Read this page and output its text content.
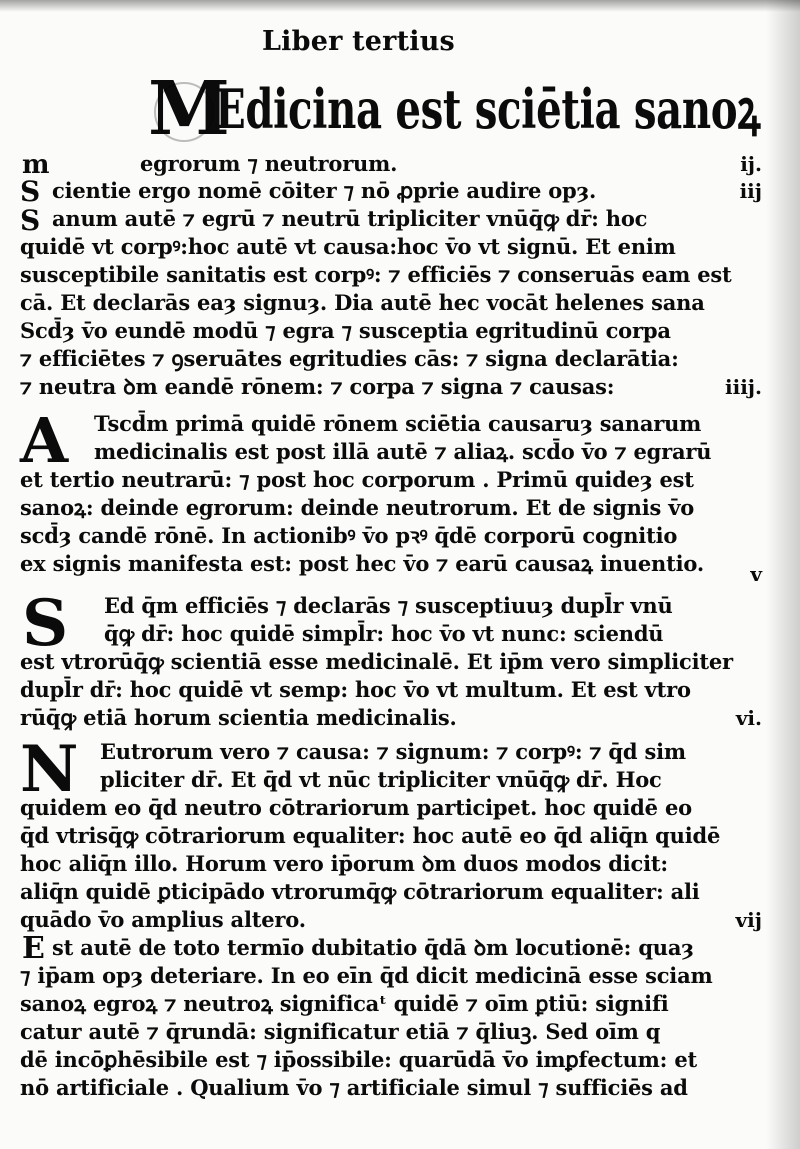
Liber tertius
M
Edicina est sciētia sanoꝝ
m
S
S
A
S
N
E
egrorum ⁊ neutrorum.
cientie ergo nomē cōiter ⁊ nō ꝓprie audire opȝ.
anum autē ⁊ egrū ⁊ neutrū tripliciter vnūq̄ꝙ dr̄: hoc
quidē vt corpꝰ:hoc autē vt causa:hoc v̄o vt signū. Et enim
susceptibile sanitatis est corpꝰ: ⁊ efficiēs ⁊ conseruās eam est
cā. Et declarās eaȝ signuȝ. Dia autē hec vocāt helenes sana
Scd̄ȝ v̄o eundē modū ⁊ egra ⁊ susceptia egritudinū corpa
⁊ efficiētes ⁊ ꝯseruātes egritudies cās: ⁊ signa declarātia:
⁊ neutra ꝺm eandē rōnem: ⁊ corpa ⁊ signa ⁊ causas:
Tscd̄m primā quidē rōnem sciētia causaruȝ sanarum
medicinalis est post illā autē ⁊ aliaꝝ. scd̄o v̄o ⁊ egrarū
et tertio neutrarū: ⁊ post hoc corporum . Primū quideȝ est
sanoꝝ: deinde egrorum: deinde neutrorum. Et de signis v̄o
scd̄ȝ candē rōnē. In actionibꝰ v̄o pꝛꝰ q̄dē corporū cognitio
ex signis manifesta est: post hec v̄o ⁊ earū causaꝝ inuentio.
Ed q̄m efficiēs ⁊ declarās ⁊ susceptiuuȝ dupl̄r vnū
q̄ꝙ dr̄: hoc quidē simpl̄r: hoc v̄o vt nunc: sciendū
est vtrorūq̄ꝙ scientiā esse medicinalē. Et ip̄m vero simpliciter
dupl̄r dr̄: hoc quidē vt semp: hoc v̄o vt multum. Et est vtro
rūq̄ꝙ etiā horum scientia medicinalis.
Eutrorum vero ⁊ causa: ⁊ signum: ⁊ corpꝰ: ⁊ q̄d sim
pliciter dr̄. Et q̄d vt nūc tripliciter vnūq̄ꝙ dr̄. Hoc
quidem eo q̄d neutro cōtrariorum participet. hoc quidē eo
q̄d vtrisq̄ꝙ cōtrariorum equaliter: hoc autē eo q̄d aliq̄n quidē
hoc aliq̄n illo. Horum vero ip̄orum ꝺm duos modos dicit:
aliq̄n quidē ꝑticipādo vtrorumq̄ꝙ cōtrariorum equaliter: ali
quādo v̄o amplius altero.
st autē de toto termīo dubitatio q̄dā ꝺm locutionē: quaȝ
⁊ ip̄am opȝ deteriare. In eo eīn q̄d dicit medicinā esse sciam
sanoꝝ egroꝝ ⁊ neutroꝝ significaᵗ quidē ⁊ oīm ꝑtiū: signifi
catur autē ⁊ q̄rundā: significatur etiā ⁊ q̄liuꝫ. Sed oīm q
dē incōꝑhēsibile est ⁊ ip̄ossibile: quarūdā v̄o imꝑfectum: et
nō artificiale . Qualium v̄o ⁊ artificiale simul ⁊ sufficiēs ad
ij.
iij
iiij.
v
vi.
vij
